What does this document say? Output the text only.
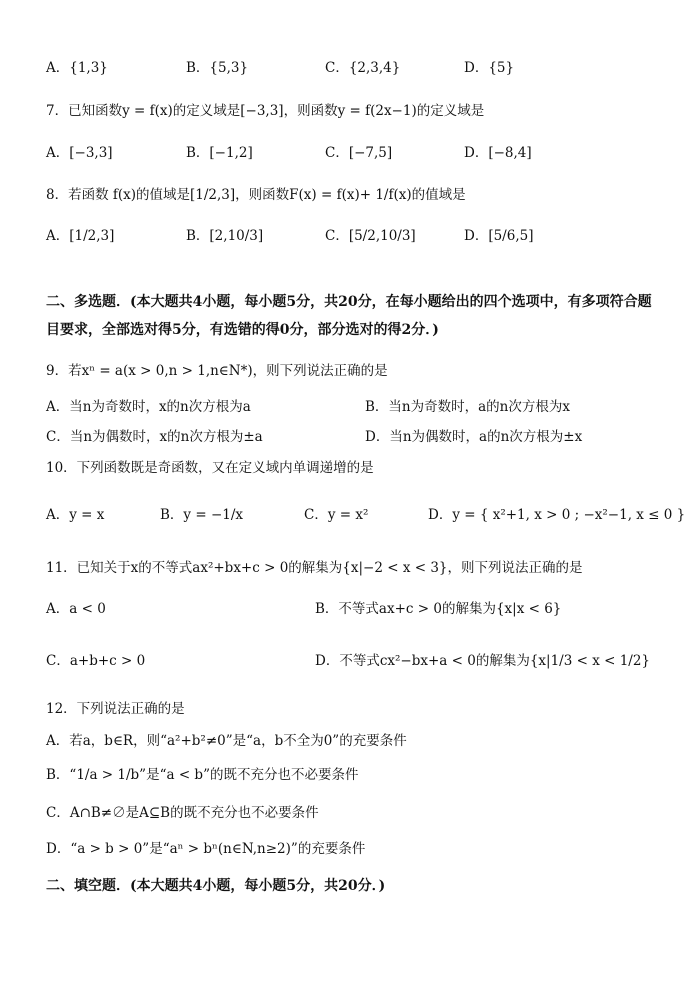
A．{1,3}	B．{5,3}	C．{2,3,4}	D．{5}
7．已知函数y = f(x)的定义域是[−3,3]，则函数y = f(2x−1)的定义域是
A．[−3,3]	B．[−1,2]	C．[−7,5]	D．[−8,4]
8．若函数 f(x)的值域是[1/2,3]，则函数F(x) = f(x)+ 1/f(x)的值域是
A．[1/2,3]	B．[2,10/3]	C．[5/2,10/3]	D．[5/6,5]
二、多选题．(本大题共4小题，每小题5分，共20分，在每小题给出的四个选项中，有多项符合题目要求，全部选对得5分，有选错的得0分，部分选对的得2分．)
9．若xⁿ = a(x > 0,n > 1,n∈N*)，则下列说法正确的是
A．当n为奇数时，x的n次方根为a	B．当n为奇数时，a的n次方根为x
C．当n为偶数时，x的n次方根为±a	D．当n为偶数时，a的n次方根为±x
10．下列函数既是奇函数，又在定义域内单调递增的是
A．y = x	B．y = −1/x	C．y = x²	D．y = { x²+1, x > 0 ; −x²−1, x ≤ 0 }
11．已知关于x的不等式ax²+bx+c > 0的解集为{x|−2 < x < 3}，则下列说法正确的是
A．a < 0	B．不等式ax+c > 0的解集为{x|x < 6}
C．a+b+c > 0	D．不等式cx²−bx+a < 0的解集为{x|1/3 < x < 1/2}
12．下列说法正确的是
A．若a，b∈R，则“a²+b²≠0”是“a，b不全为0”的充要条件
B．“1/a > 1/b”是“a < b”的既不充分也不必要条件
C．A∩B≠∅是A⊆B的既不充分也不必要条件
D．“a > b > 0”是“aⁿ > bⁿ(n∈N,n≥2)”的充要条件
二、填空题．(本大题共4小题，每小题5分，共20分．)
